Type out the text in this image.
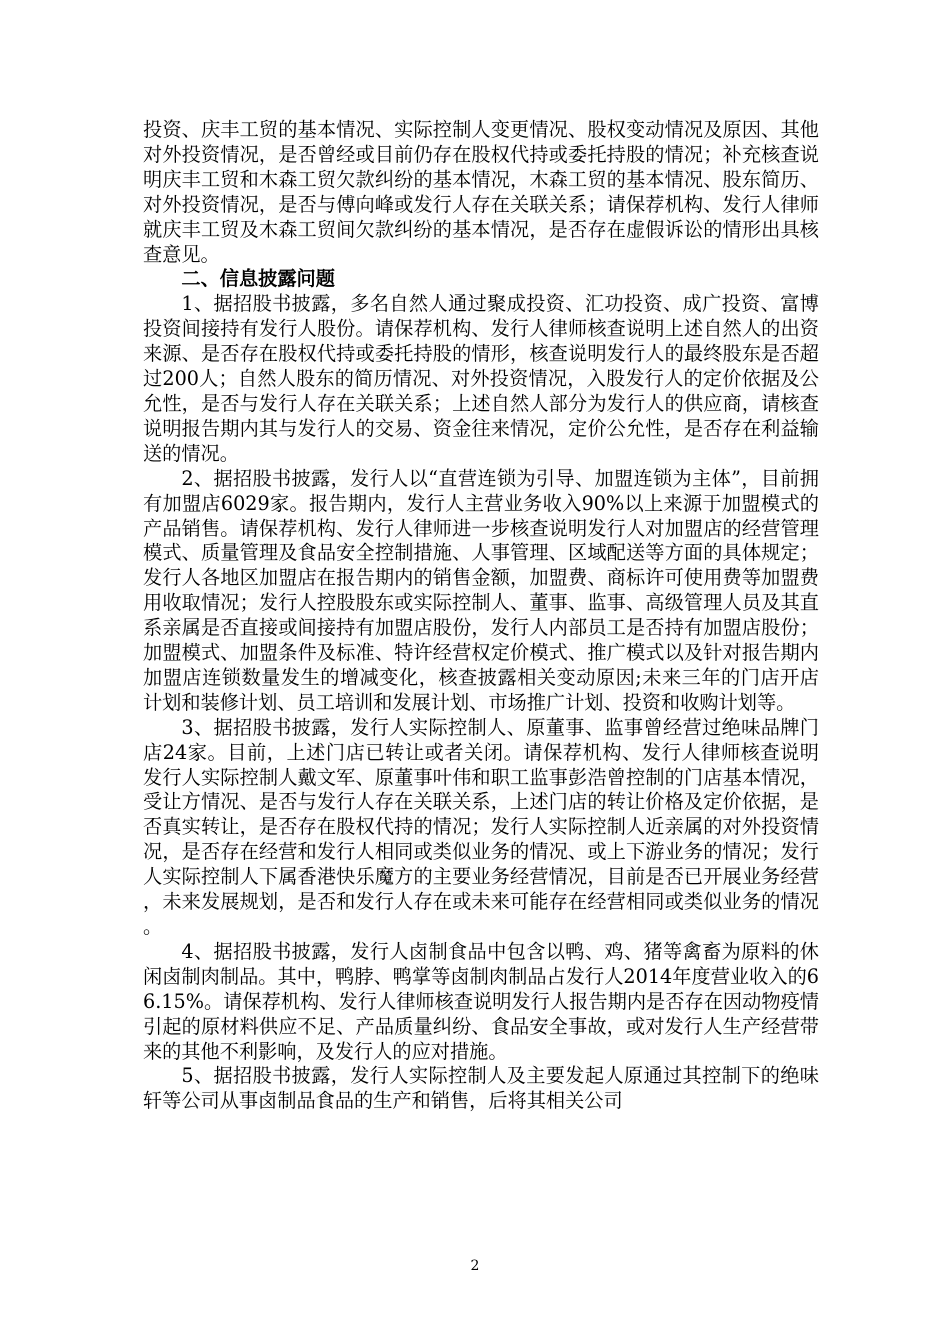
投资、庆丰工贸的基本情况、实际控制人变更情况、股权变动情况及原因、其他对外投资情况，是否曾经或目前仍存在股权代持或委托持股的情况；补充核查说明庆丰工贸和木森工贸欠款纠纷的基本情况，木森工贸的基本情况、股东简历、对外投资情况，是否与傅向峰或发行人存在关联关系；请保荐机构、发行人律师就庆丰工贸及木森工贸间欠款纠纷的基本情况，是否存在虚假诉讼的情形出具核查意见。

二、信息披露问题

1、据招股书披露，多名自然人通过聚成投资、汇功投资、成广投资、富博投资间接持有发行人股份。请保荐机构、发行人律师核查说明上述自然人的出资来源、是否存在股权代持或委托持股的情形，核查说明发行人的最终股东是否超过200人；自然人股东的简历情况、对外投资情况，入股发行人的定价依据及公允性，是否与发行人存在关联关系；上述自然人部分为发行人的供应商，请核查说明报告期内其与发行人的交易、资金往来情况，定价公允性，是否存在利益输送的情况。

2、据招股书披露，发行人以“直营连锁为引导、加盟连锁为主体”，目前拥有加盟店6029家。报告期内，发行人主营业务收入90%以上来源于加盟模式的产品销售。请保荐机构、发行人律师进一步核查说明发行人对加盟店的经营管理模式、质量管理及食品安全控制措施、人事管理、区域配送等方面的具体规定；发行人各地区加盟店在报告期内的销售金额，加盟费、商标许可使用费等加盟费用收取情况；发行人控股股东或实际控制人、董事、监事、高级管理人员及其直系亲属是否直接或间接持有加盟店股份，发行人内部员工是否持有加盟店股份；加盟模式、加盟条件及标准、特许经营权定价模式、推广模式以及针对报告期内加盟店连锁数量发生的增减变化，核查披露相关变动原因;未来三年的门店开店计划和装修计划、员工培训和发展计划、市场推广计划、投资和收购计划等。

3、据招股书披露，发行人实际控制人、原董事、监事曾经营过绝味品牌门店24家。目前，上述门店已转让或者关闭。请保荐机构、发行人律师核查说明发行人实际控制人戴文军、原董事叶伟和职工监事彭浩曾控制的门店基本情况，受让方情况、是否与发行人存在关联关系，上述门店的转让价格及定价依据，是否真实转让，是否存在股权代持的情况；发行人实际控制人近亲属的对外投资情况，是否存在经营和发行人相同或类似业务的情况、或上下游业务的情况；发行人实际控制人下属香港快乐魔方的主要业务经营情况，目前是否已开展业务经营，未来发展规划，是否和发行人存在或未来可能存在经营相同或类似业务的情况。

4、据招股书披露，发行人卤制食品中包含以鸭、鸡、猪等禽畜为原料的休闲卤制肉制品。其中，鸭脖、鸭掌等卤制肉制品占发行人2014年度营业收入的66.15%。请保荐机构、发行人律师核查说明发行人报告期内是否存在因动物疫情引起的原材料供应不足、产品质量纠纷、食品安全事故，或对发行人生产经营带来的其他不利影响，及发行人的应对措施。

5、据招股书披露，发行人实际控制人及主要发起人原通过其控制下的绝味轩等公司从事卤制品食品的生产和销售，后将其相关公司

2
